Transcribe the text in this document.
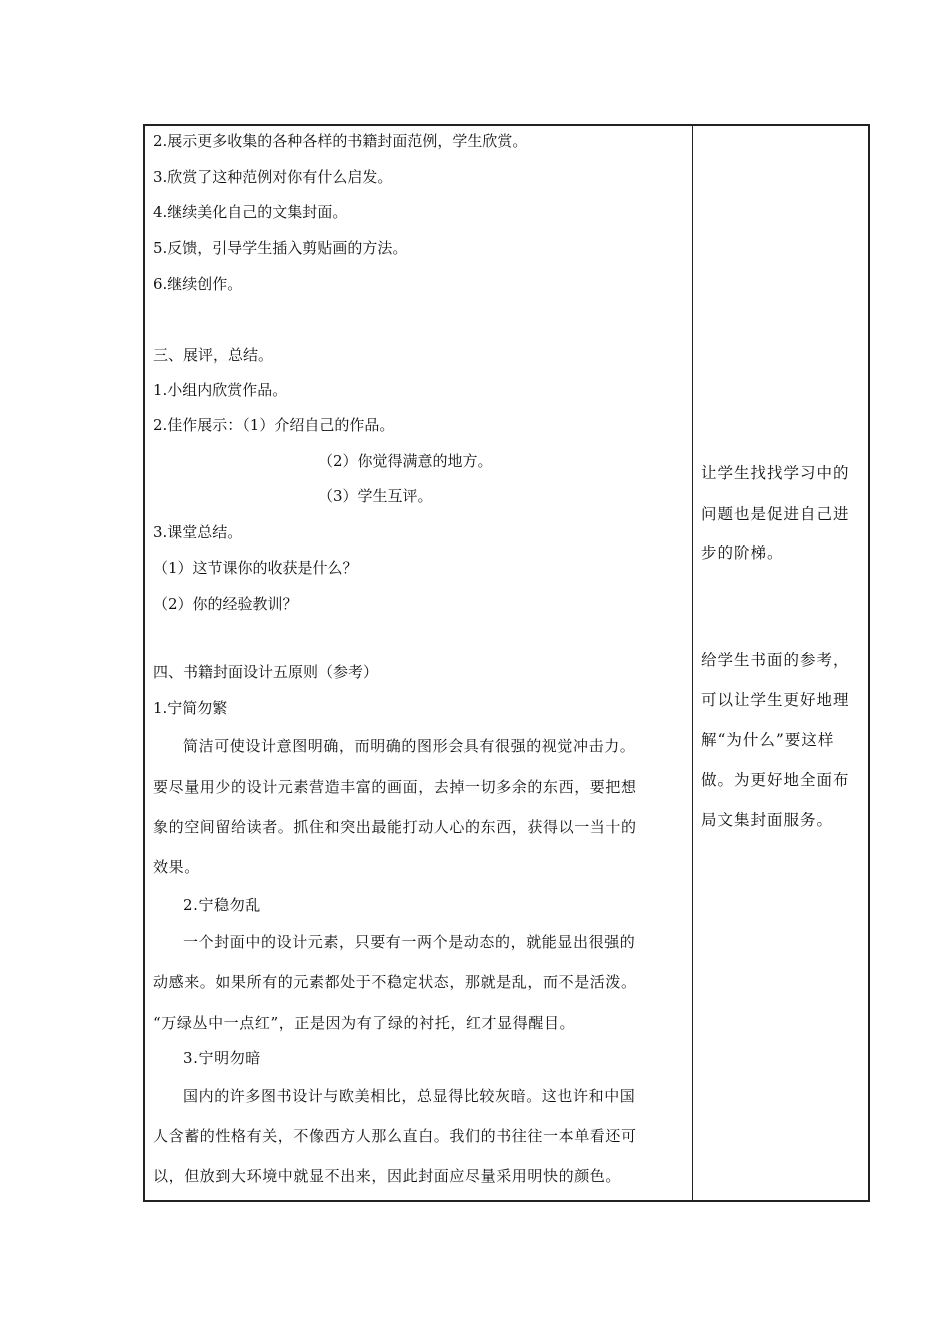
2.展示更多收集的各种各样的书籍封面范例，学生欣赏。
3.欣赏了这种范例对你有什么启发。
4.继续美化自己的文集封面。
5.反馈，引导学生插入剪贴画的方法。
6.继续创作。
三、展评，总结。
1.小组内欣赏作品。
2.佳作展示：（1）介绍自己的作品。
（2）你觉得满意的地方。
（3）学生互评。
3.课堂总结。
（1）这节课你的收获是什么？
（2）你的经验教训？
四、书籍封面设计五原则（参考）
1.宁简勿繁
简洁可使设计意图明确，而明确的图形会具有很强的视觉冲击力。
要尽量用少的设计元素营造丰富的画面，去掉一切多余的东西，要把想
象的空间留给读者。抓住和突出最能打动人心的东西，获得以一当十的
效果。
2.宁稳勿乱
一个封面中的设计元素，只要有一两个是动态的，就能显出很强的
动感来。如果所有的元素都处于不稳定状态，那就是乱，而不是活泼。
“万绿丛中一点红”，正是因为有了绿的衬托，红才显得醒目。
3.宁明勿暗
国内的许多图书设计与欧美相比，总显得比较灰暗。这也许和中国
人含蓄的性格有关，不像西方人那么直白。我们的书往往一本单看还可
以，但放到大环境中就显不出来，因此封面应尽量采用明快的颜色。
让学生找找学习中的
问题也是促进自己进
步的阶梯。
给学生书面的参考，
可以让学生更好地理
解“为什么”要这样
做。为更好地全面布
局文集封面服务。
